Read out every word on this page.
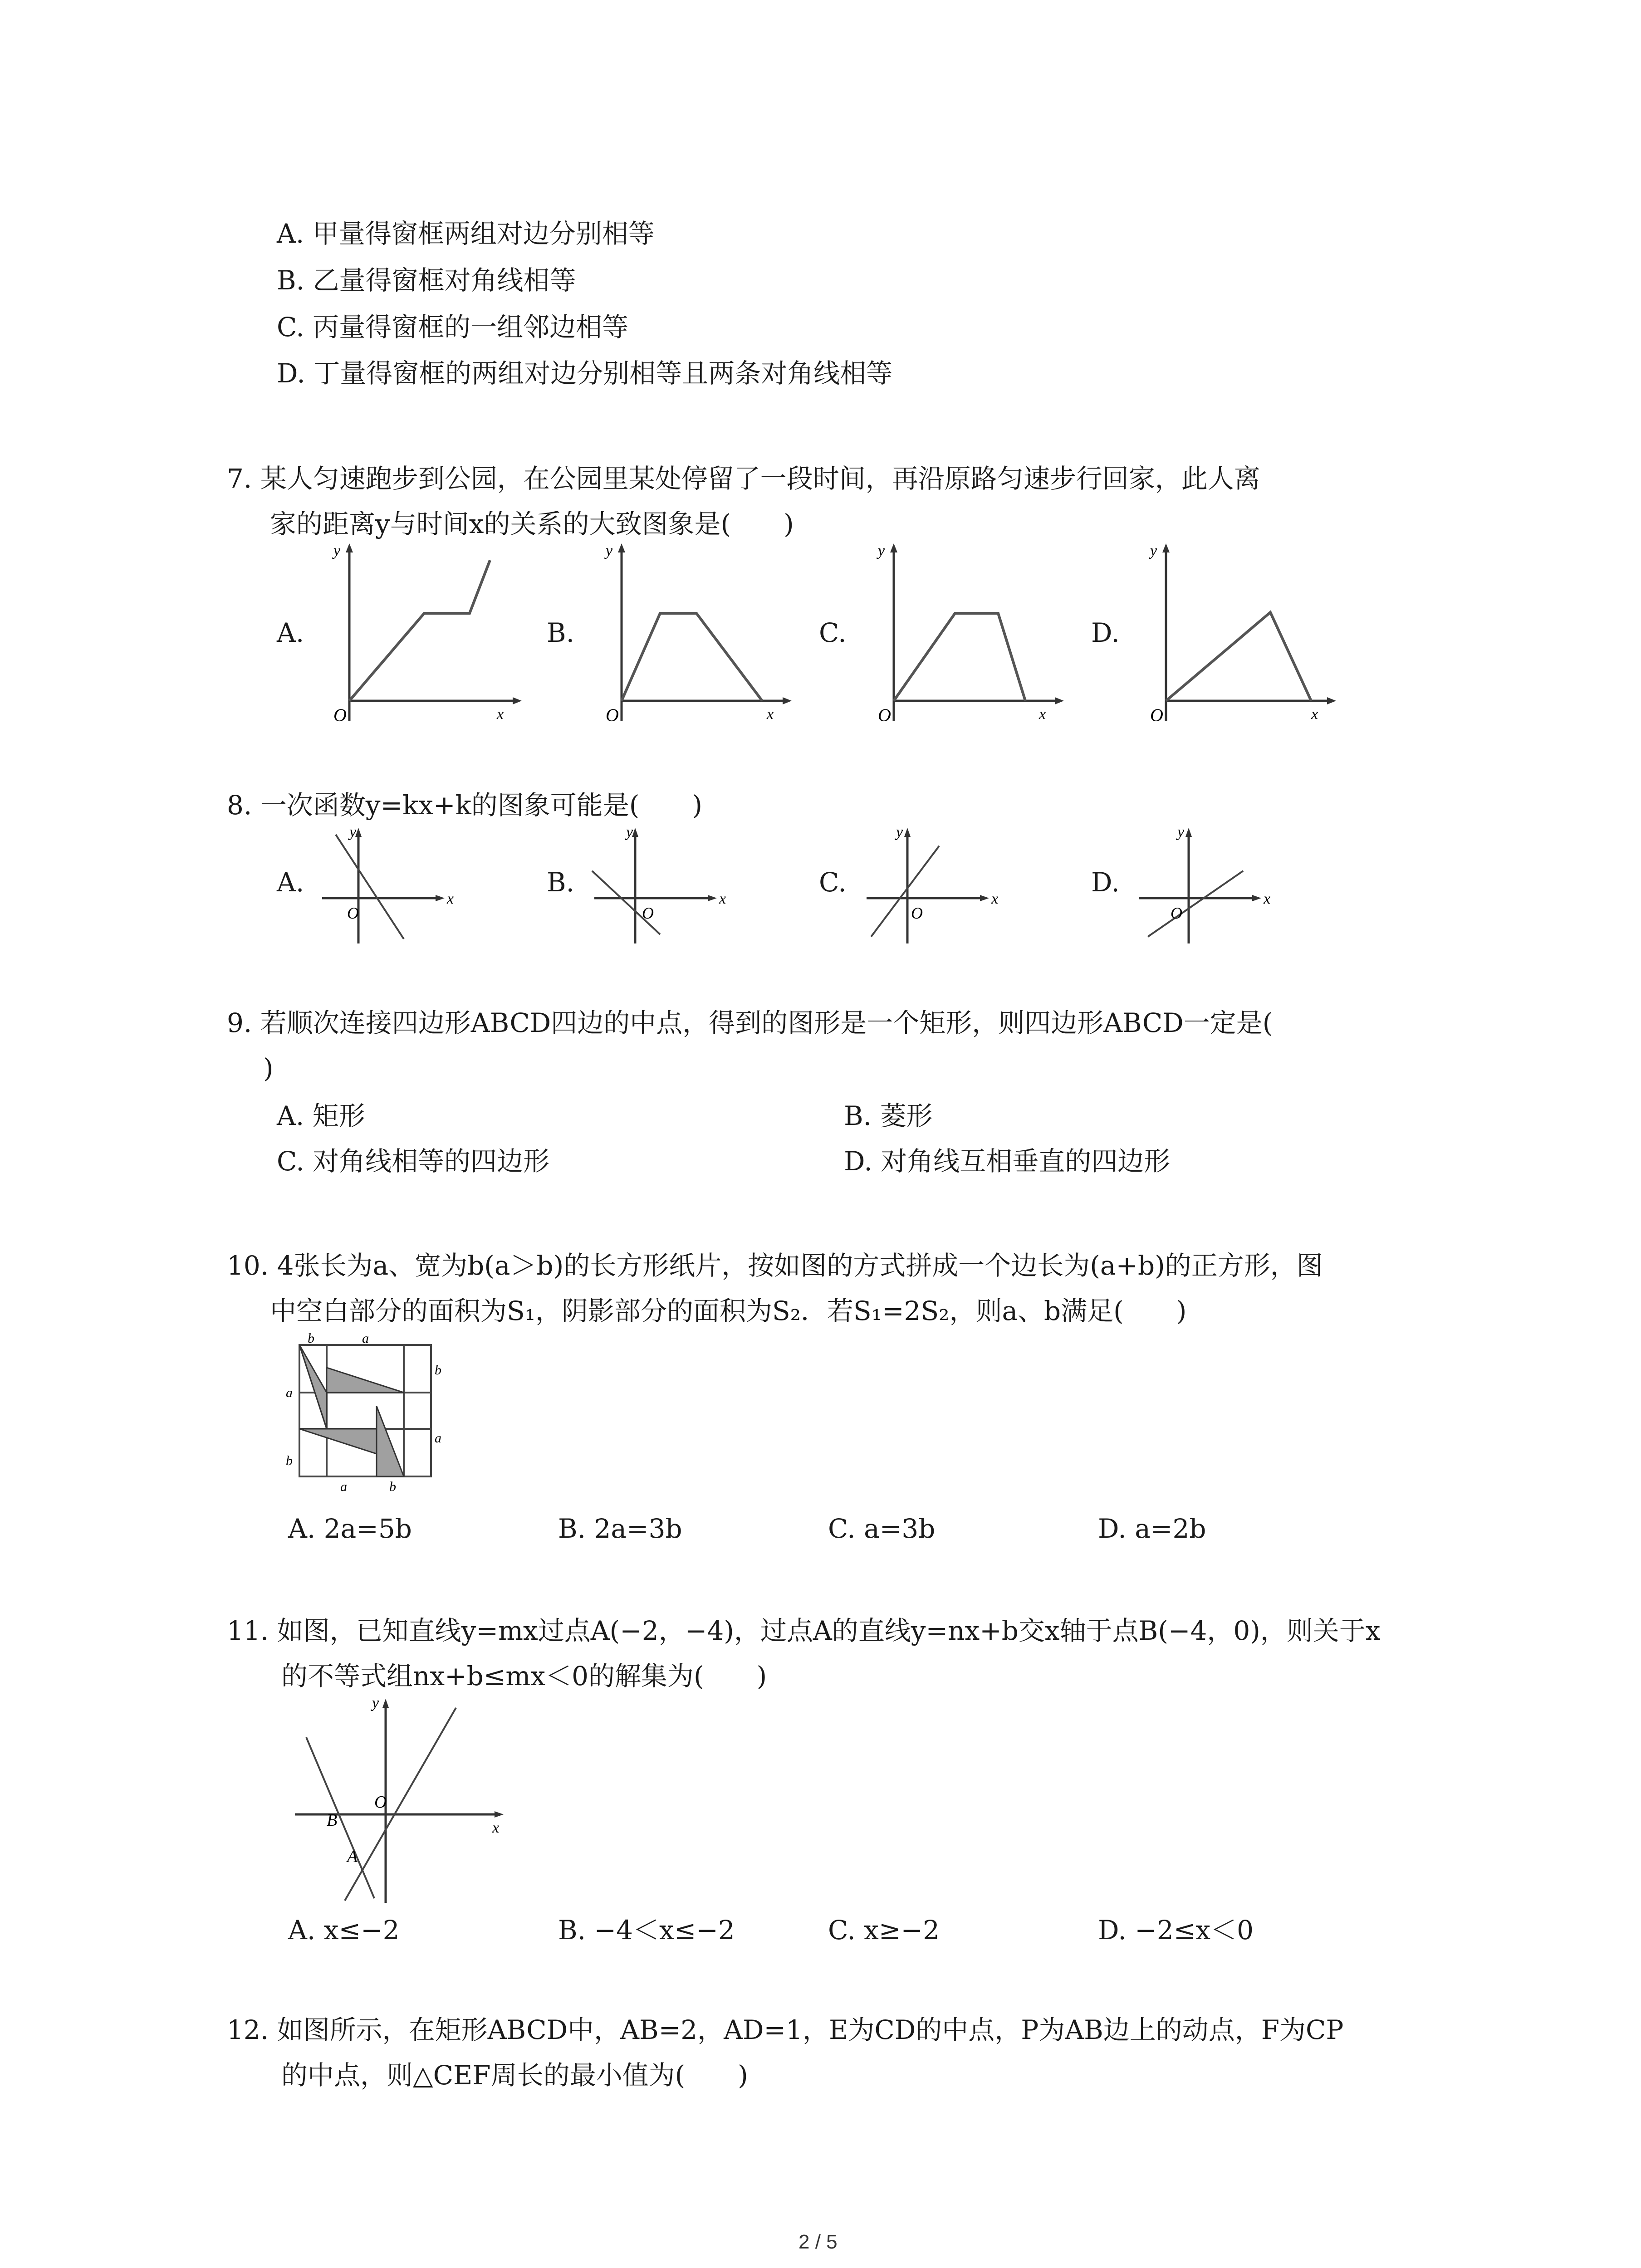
A. 甲量得窗框两组对边分别相等
B. 乙量得窗框对角线相等
C. 丙量得窗框的一组邻边相等
D. 丁量得窗框的两组对边分别相等且两条对角线相等
7. 某人匀速跑步到公园，在公园里某处停留了一段时间，再沿原路匀速步行回家，此人离
家的距离y与时间x的关系的大致图象是(　　)
A.	B.	C.	D.
y
x
O
y
x
O
y
x
O
y
x
O
8. 一次函数y=kx+k的图象可能是(　　)
A.	B.	C.	D.
y
x
O
y
x
O
y
x
O
y
x
O
9. 若顺次连接四边形ABCD四边的中点，得到的图形是一个矩形，则四边形ABCD一定是(
)
A. 矩形	B. 菱形
C. 对角线相等的四边形	D. 对角线互相垂直的四边形
10. 4张长为a、宽为b(a＞b)的长方形纸片，按如图的方式拼成一个边长为(a+b)的正方形，图
中空白部分的面积为S₁，阴影部分的面积为S₂．若S₁=2S₂，则a、b满足(　　)
b	a
a
b
b
a
a	b
A. 2a=5b	B. 2a=3b	C. a=3b	D. a=2b
11. 如图，已知直线y=mx过点A(−2，−4)，过点A的直线y=nx+b交x轴于点B(−4，0)，则关于x
的不等式组nx+b≤mx＜0的解集为(　　)
y
x
O
B
A
A. x≤−2	B. −4＜x≤−2	C. x≥−2	D. −2≤x＜0
12. 如图所示，在矩形ABCD中，AB=2，AD=1，E为CD的中点，P为AB边上的动点，F为CP
的中点，则△CEF周长的最小值为(　　)
2 / 5
